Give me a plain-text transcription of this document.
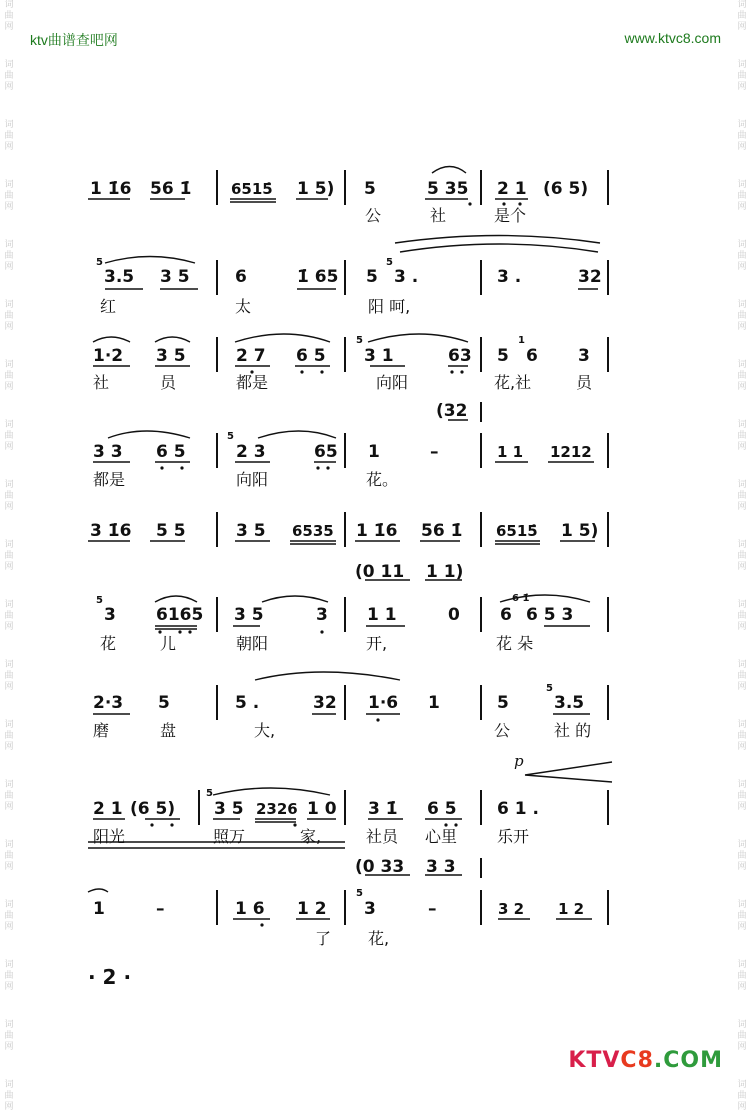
ktv曲谱查吧网	www.ktvc8.com
词
曲
网
词
曲
网
词
曲
网
词
曲
网
词
曲
网
词
曲
网
词
曲
网
词
曲
网
词
曲
网
词
曲
网
词
曲
网
词
曲
网
词
曲
网
词
曲
网
词
曲
网
词
曲
网
词
曲
网
词
曲
网
词
曲
网
词
曲
网
词
曲
网
词
曲
网
词
曲
网
词
曲
网
词
曲
网
词
曲
网
词
曲
网
词
曲
网
词
曲
网
词
曲
网
词
曲
网
词
曲
网
词
曲
网
词
曲
网
词
曲
网
词
曲
网
词
曲
网
词
曲
网
1 1̇6 56 1̇	6515̇ 1 5) 5	5 35 2 1 (6 5)
公	社	是个
5
3.5 3 5	6	1̇ 65 5
5
3 .	3 .	32
红	太	阳 呵,
1·2 3 5	2 7 6 5
5
3 1	63 5
1
6 3
社	员	都是	向阳	花,社	员
(32
3 3 6 5
5
2 3	65 1	–	1 1 1212
都是	向阳	花。
3 1̇6 5 5	3 5 6535 1 1̇6 56 1̇ 6515̇ 1 5)
(0 11 1 1)
5
3 6165 3 5	3 1 1	0 6
6 1̇
6 5 3
花	儿	朝阳	开,	花 朵
2·3 5	5 .	32 1·6 1	5
5
3.5
磨	盘	大,	公	社 的
p
2 1 (6 5)
5
3 5 2326 1 0 3 1̇ 6 5 6 1 .
阳光	照万	家,	社员 心里 乐开
(0 33 3 3
1	–	1 6 1 2
5
3	–	3 2 1 2
了 花,
· 2 ·
KTVC8.COM
